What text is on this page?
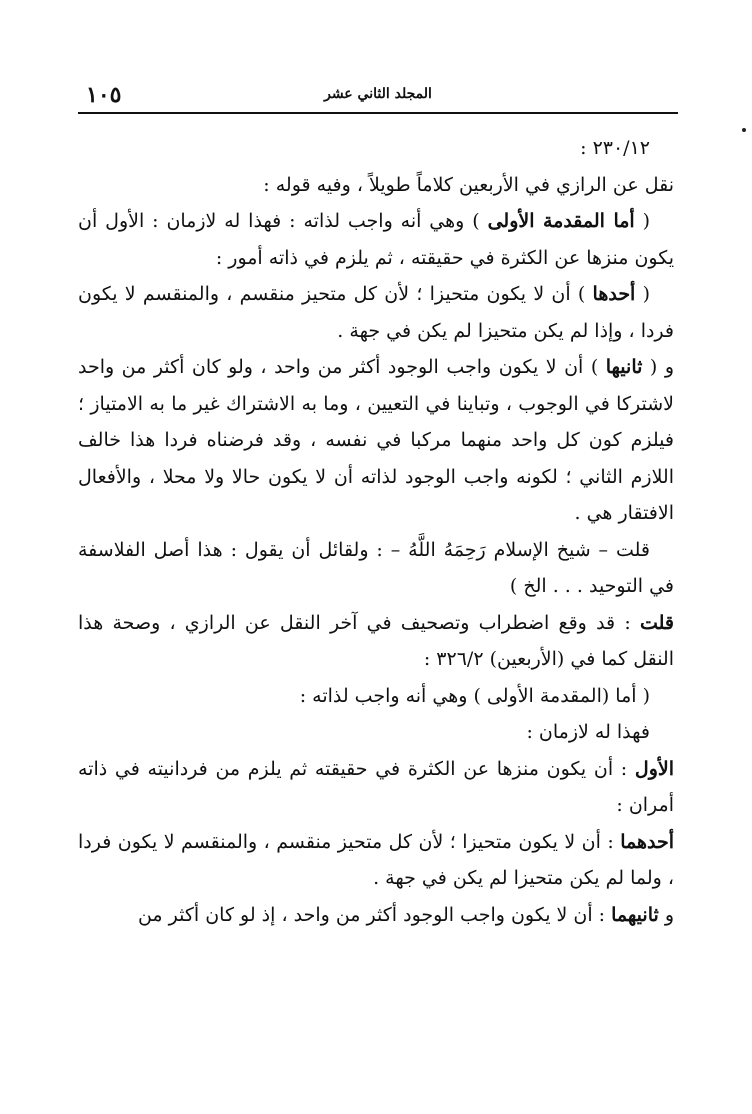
المجلد الثاني عشر
١٠٥

٢٣٠/١٢ :

نقل عن الرازي في الأربعين كلاماً طويلاً ، وفيه قوله :

( أما المقدمة الأولى ) وهي أنه واجب لذاته : فهذا له لازمان : الأول أن يكون منزها عن الكثرة في حقيقته ، ثم يلزم في ذاته أمور :

( أحدها ) أن لا يكون متحيزا ؛ لأن كل متحيز منقسم ، والمنقسم لا يكون فردا ، وإذا لم يكن متحيزا لم يكن في جهة .

و ( ثانيها ) أن لا يكون واجب الوجود أكثر من واحد ، ولو كان أكثر من واحد لاشتركا في الوجوب ، وتباينا في التعيين ، وما به الاشتراك غير ما به الامتياز ؛ فيلزم كون كل واحد منهما مركبا في نفسه ، وقد فرضناه فردا هذا خالف اللازم الثاني ؛ لكونه واجب الوجود لذاته أن لا يكون حالا ولا محلا ، والأفعال الافتقار هي .

قلت – شيخ الإسلام رَحِمَهُ اللَّهُ – : ولقائل أن يقول : هذا أصل الفلاسفة في التوحيد . . . الخ )

قلت : قد وقع اضطراب وتصحيف في آخر النقل عن الرازي ، وصحة هذا النقل كما في (الأربعين) ٣٢٦/٢ :

( أما (المقدمة الأولى ) وهي أنه واجب لذاته :

فهذا له لازمان :

الأول : أن يكون منزها عن الكثرة في حقيقته ثم يلزم من فردانيته في ذاته أمران :

أحدهما : أن لا يكون متحيزا ؛ لأن كل متحيز منقسم ، والمنقسم لا يكون فردا ، ولما لم يكن متحيزا لم يكن في جهة .

و ثانيهما : أن لا يكون واجب الوجود أكثر من واحد ، إذ لو كان أكثر من
